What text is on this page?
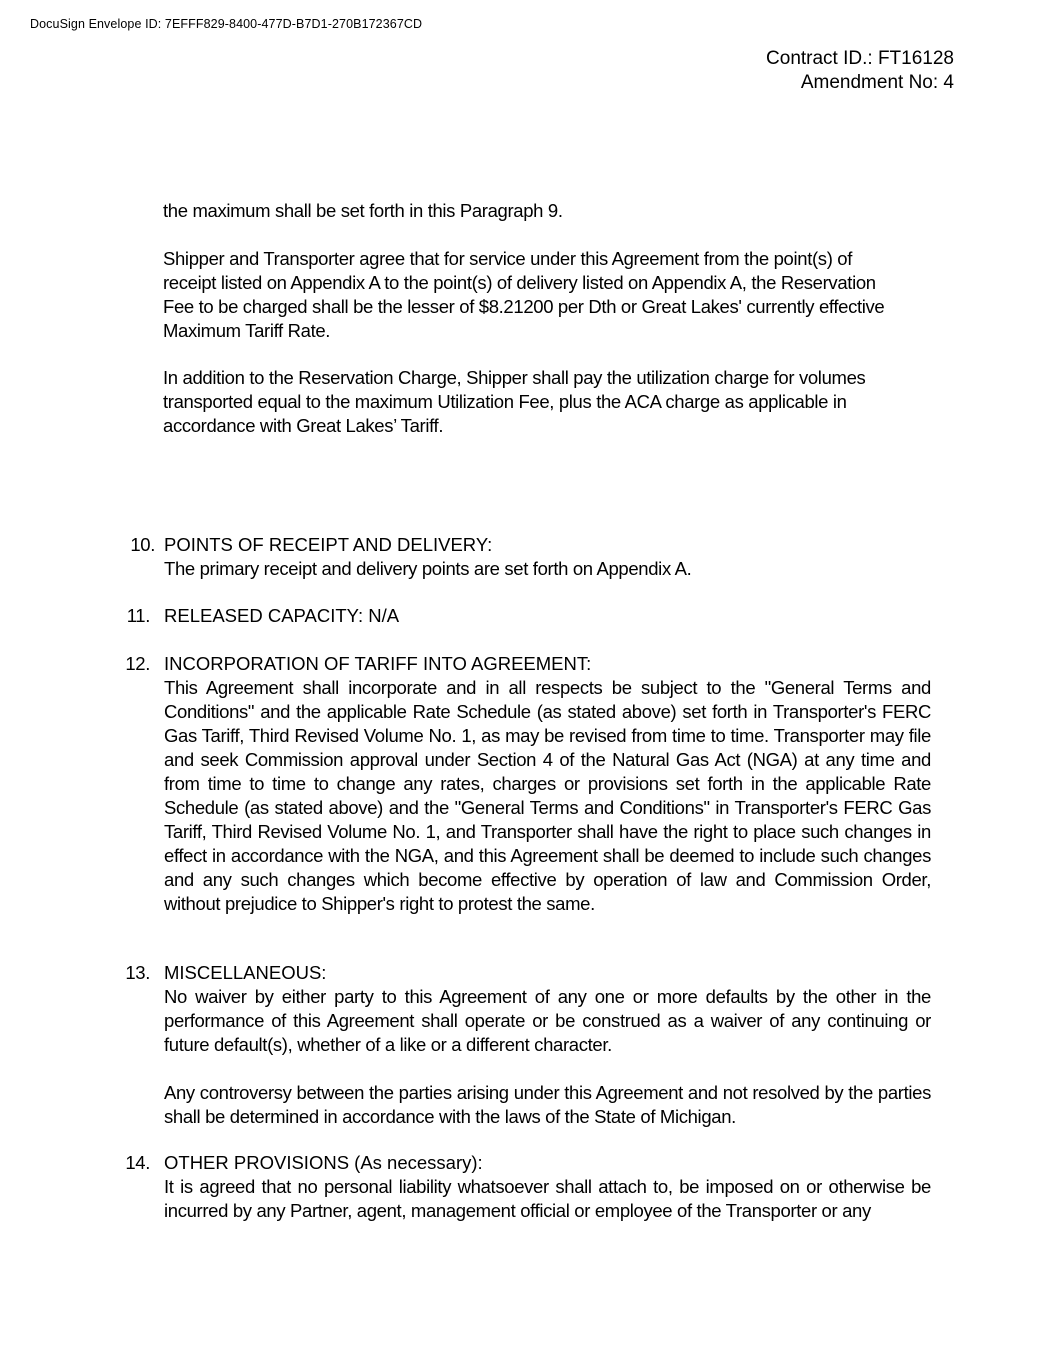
DocuSign Envelope ID: 7EFFF829-8400-477D-B7D1-270B172367CD
Contract ID.: FT16128
Amendment No: 4

the maximum shall be set forth in this Paragraph 9.

Shipper and Transporter agree that for service under this Agreement from the point(s) of receipt listed on Appendix A to the point(s) of delivery listed on Appendix A, the Reservation Fee to be charged shall be the lesser of $8.21200 per Dth or Great Lakes' currently effective Maximum Tariff Rate.

In addition to the Reservation Charge, Shipper shall pay the utilization charge for volumes transported equal to the maximum Utilization Fee, plus the ACA charge as applicable in accordance with Great Lakes’ Tariff.

10. POINTS OF RECEIPT AND DELIVERY:
The primary receipt and delivery points are set forth on Appendix A.
11. RELEASED CAPACITY: N/A
12. INCORPORATION OF TARIFF INTO AGREEMENT:
This Agreement shall incorporate and in all respects be subject to the "General Terms and Conditions" and the applicable Rate Schedule (as stated above) set forth in Transporter's FERC Gas Tariff, Third Revised Volume No. 1, as may be revised from time to time. Transporter may file and seek Commission approval under Section 4 of the Natural Gas Act (NGA) at any time and from time to time to change any rates, charges or provisions set forth in the applicable Rate Schedule (as stated above) and the "General Terms and Conditions" in Transporter's FERC Gas Tariff, Third Revised Volume No. 1, and Transporter shall have the right to place such changes in effect in accordance with the NGA, and this Agreement shall be deemed to include such changes and any such changes which become effective by operation of law and Commission Order, without prejudice to Shipper's right to protest the same.
13. MISCELLANEOUS:
No waiver by either party to this Agreement of any one or more defaults by the other in the performance of this Agreement shall operate or be construed as a waiver of any continuing or future default(s), whether of a like or a different character.
Any controversy between the parties arising under this Agreement and not resolved by the parties shall be determined in accordance with the laws of the State of Michigan.
14. OTHER PROVISIONS (As necessary):
It is agreed that no personal liability whatsoever shall attach to, be imposed on or otherwise be incurred by any Partner, agent, management official or employee of the Transporter or any
